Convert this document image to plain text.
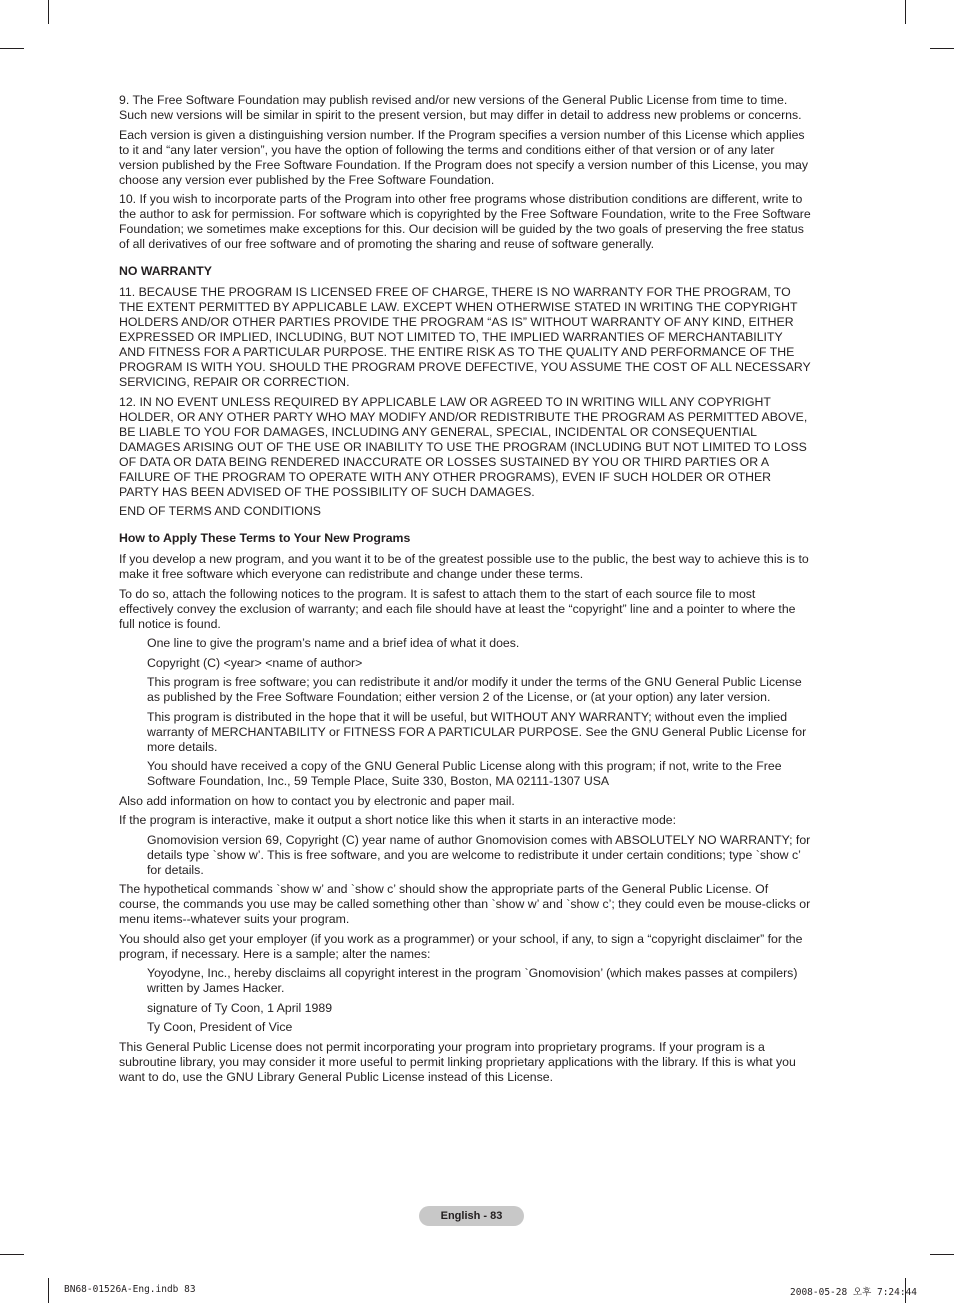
9. The Free Software Foundation may publish revised and/or new versions of the General Public License from time to time. Such new versions will be similar in spirit to the present version, but may differ in detail to address new problems or concerns.

Each version is given a distinguishing version number. If the Program specifies a version number of this License which applies to it and “any later version”, you have the option of following the terms and conditions either of that version or of any later version published by the Free Software Foundation. If the Program does not specify a version number of this License, you may choose any version ever published by the Free Software Foundation.

10. If you wish to incorporate parts of the Program into other free programs whose distribution conditions are different, write to the author to ask for permission. For software which is copyrighted by the Free Software Foundation, write to the Free Software Foundation; we sometimes make exceptions for this. Our decision will be guided by the two goals of preserving the free status of all derivatives of our free software and of promoting the sharing and reuse of software generally.

NO WARRANTY

11. BECAUSE THE PROGRAM IS LICENSED FREE OF CHARGE, THERE IS NO WARRANTY FOR THE PROGRAM, TO THE EXTENT PERMITTED BY APPLICABLE LAW. EXCEPT WHEN OTHERWISE STATED IN WRITING THE COPYRIGHT HOLDERS AND/OR OTHER PARTIES PROVIDE THE PROGRAM “AS IS” WITHOUT WARRANTY OF ANY KIND, EITHER EXPRESSED OR IMPLIED, INCLUDING, BUT NOT LIMITED TO, THE IMPLIED WARRANTIES OF MERCHANTABILITY AND FITNESS FOR A PARTICULAR PURPOSE. THE ENTIRE RISK AS TO THE QUALITY AND PERFORMANCE OF THE PROGRAM IS WITH YOU. SHOULD THE PROGRAM PROVE DEFECTIVE, YOU ASSUME THE COST OF ALL NECESSARY SERVICING, REPAIR OR CORRECTION.

12. IN NO EVENT UNLESS REQUIRED BY APPLICABLE LAW OR AGREED TO IN WRITING WILL ANY COPYRIGHT HOLDER, OR ANY OTHER PARTY WHO MAY MODIFY AND/OR REDISTRIBUTE THE PROGRAM AS PERMITTED ABOVE, BE LIABLE TO YOU FOR DAMAGES, INCLUDING ANY GENERAL, SPECIAL, INCIDENTAL OR CONSEQUENTIAL DAMAGES ARISING OUT OF THE USE OR INABILITY TO USE THE PROGRAM (INCLUDING BUT NOT LIMITED TO LOSS OF DATA OR DATA BEING RENDERED INACCURATE OR LOSSES SUSTAINED BY YOU OR THIRD PARTIES OR A FAILURE OF THE PROGRAM TO OPERATE WITH ANY OTHER PROGRAMS), EVEN IF SUCH HOLDER OR OTHER PARTY HAS BEEN ADVISED OF THE POSSIBILITY OF SUCH DAMAGES.

END OF TERMS AND CONDITIONS

How to Apply These Terms to Your New Programs

If you develop a new program, and you want it to be of the greatest possible use to the public, the best way to achieve this is to make it free software which everyone can redistribute and change under these terms.

To do so, attach the following notices to the program. It is safest to attach them to the start of each source file to most effectively convey the exclusion of warranty; and each file should have at least the “copyright” line and a pointer to where the full notice is found.

One line to give the program’s name and a brief idea of what it does.

Copyright (C) <year> <name of author>

This program is free software; you can redistribute it and/or modify it under the terms of the GNU General Public License as published by the Free Software Foundation; either version 2 of the License, or (at your option) any later version.

This program is distributed in the hope that it will be useful, but WITHOUT ANY WARRANTY; without even the implied warranty of MERCHANTABILITY or FITNESS FOR A PARTICULAR PURPOSE. See the GNU General Public License for more details.

You should have received a copy of the GNU General Public License along with this program; if not, write to the Free Software Foundation, Inc., 59 Temple Place, Suite 330, Boston, MA 02111-1307 USA

Also add information on how to contact you by electronic and paper mail.

If the program is interactive, make it output a short notice like this when it starts in an interactive mode:

Gnomovision version 69, Copyright (C) year name of author Gnomovision comes with ABSOLUTELY NO WARRANTY; for details type `show w’. This is free software, and you are welcome to redistribute it under certain conditions; type `show c’ for details.

The hypothetical commands `show w’ and `show c’ should show the appropriate parts of the General Public License. Of course, the commands you use may be called something other than `show w’ and `show c’; they could even be mouse-clicks or menu items--whatever suits your program.

You should also get your employer (if you work as a programmer) or your school, if any, to sign a “copyright disclaimer” for the program, if necessary. Here is a sample; alter the names:

Yoyodyne, Inc., hereby disclaims all copyright interest in the program `Gnomovision’ (which makes passes at compilers) written by James Hacker.

signature of Ty Coon, 1 April 1989

Ty Coon, President of Vice

This General Public License does not permit incorporating your program into proprietary programs. If your program is a subroutine library, you may consider it more useful to permit linking proprietary applications with the library. If this is what you want to do, use the GNU Library General Public License instead of this License.

English - 83
BN68-01526A-Eng.indb 83	2008-05-28 오후 7:24:44
